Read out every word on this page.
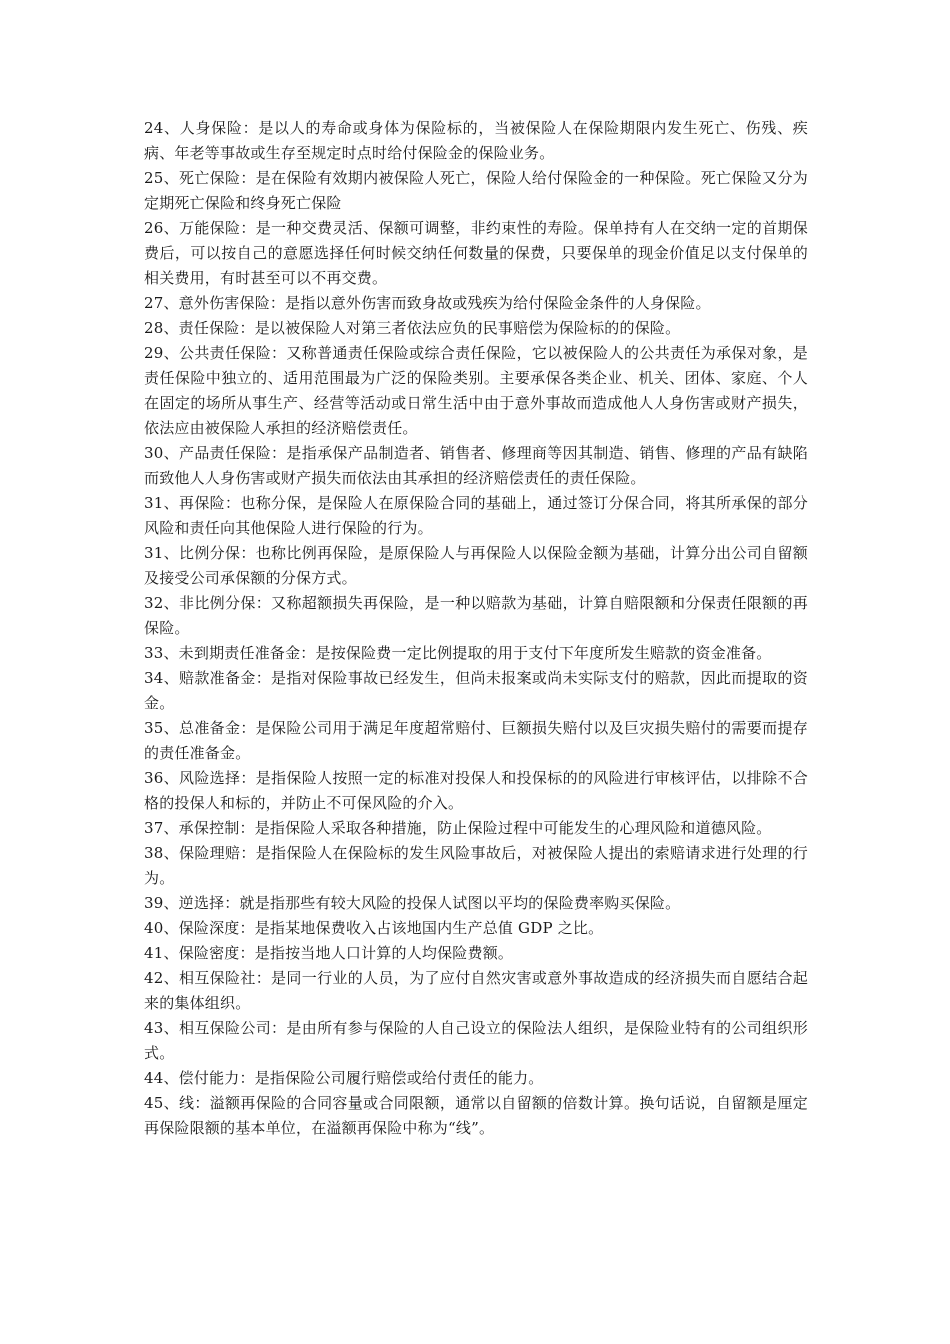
24、人身保险：是以人的寿命或身体为保险标的，当被保险人在保险期限内发生死亡、伤残、疾病、年老等事故或生存至规定时点时给付保险金的保险业务。

25、死亡保险：是在保险有效期内被保险人死亡，保险人给付保险金的一种保险。死亡保险又分为定期死亡保险和终身死亡保险

26、万能保险：是一种交费灵活、保额可调整，非约束性的寿险。保单持有人在交纳一定的首期保费后，可以按自己的意愿选择任何时候交纳任何数量的保费，只要保单的现金价值足以支付保单的相关费用，有时甚至可以不再交费。

27、意外伤害保险：是指以意外伤害而致身故或残疾为给付保险金条件的人身保险。

28、责任保险：是以被保险人对第三者依法应负的民事赔偿为保险标的的保险。

29、公共责任保险：又称普通责任保险或综合责任保险，它以被保险人的公共责任为承保对象，是责任保险中独立的、适用范围最为广泛的保险类别。主要承保各类企业、机关、团体、家庭、个人在固定的场所从事生产、经营等活动或日常生活中由于意外事故而造成他人人身伤害或财产损失，依法应由被保险人承担的经济赔偿责任。

30、产品责任保险：是指承保产品制造者、销售者、修理商等因其制造、销售、修理的产品有缺陷而致他人人身伤害或财产损失而依法由其承担的经济赔偿责任的责任保险。

31、再保险：也称分保，是保险人在原保险合同的基础上，通过签订分保合同，将其所承保的部分风险和责任向其他保险人进行保险的行为。

31、比例分保：也称比例再保险，是原保险人与再保险人以保险金额为基础，计算分出公司自留额及接受公司承保额的分保方式。

32、非比例分保：又称超额损失再保险，是一种以赔款为基础，计算自赔限额和分保责任限额的再保险。

33、未到期责任准备金：是按保险费一定比例提取的用于支付下年度所发生赔款的资金准备。

34、赔款准备金：是指对保险事故已经发生，但尚未报案或尚未实际支付的赔款，因此而提取的资金。

35、总准备金：是保险公司用于满足年度超常赔付、巨额损失赔付以及巨灾损失赔付的需要而提存的责任准备金。

36、风险选择：是指保险人按照一定的标准对投保人和投保标的的风险进行审核评估，以排除不合格的投保人和标的，并防止不可保风险的介入。

37、承保控制：是指保险人采取各种措施，防止保险过程中可能发生的心理风险和道德风险。

38、保险理赔：是指保险人在保险标的发生风险事故后，对被保险人提出的索赔请求进行处理的行为。

39、逆选择：就是指那些有较大风险的投保人试图以平均的保险费率购买保险。

40、保险深度：是指某地保费收入占该地国内生产总值 GDP 之比。

41、保险密度：是指按当地人口计算的人均保险费额。

42、相互保险社：是同一行业的人员，为了应付自然灾害或意外事故造成的经济损失而自愿结合起来的集体组织。

43、相互保险公司：是由所有参与保险的人自己设立的保险法人组织，是保险业特有的公司组织形式。

44、偿付能力：是指保险公司履行赔偿或给付责任的能力。

45、线：溢额再保险的合同容量或合同限额，通常以自留额的倍数计算。换句话说，自留额是厘定再保险限额的基本单位，在溢额再保险中称为“线”。
